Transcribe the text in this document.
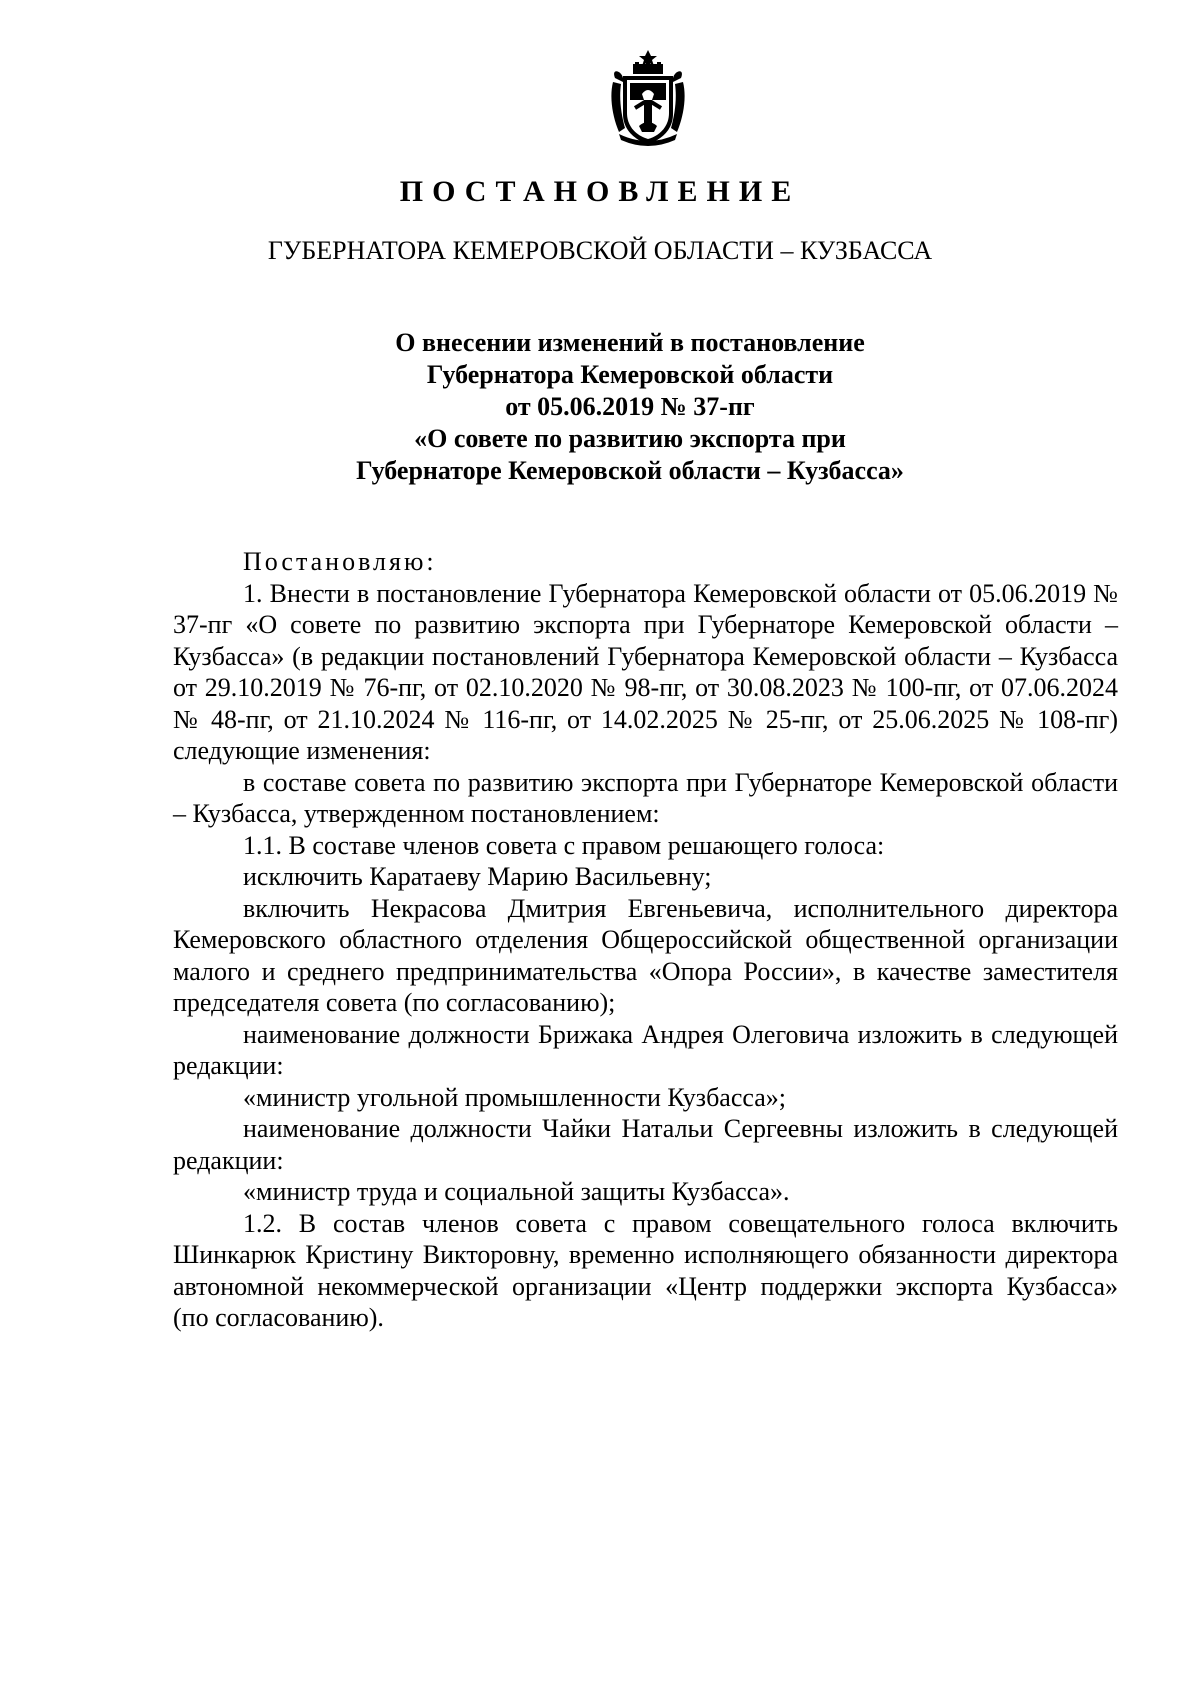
ПОСТАНОВЛЕНИЕ
ГУБЕРНАТОРА КЕМЕРОВСКОЙ ОБЛАСТИ – КУЗБАССА
О внесении изменений в постановление
Губернатора Кемеровской области
от 05.06.2019 № 37-пг
«О совете по развитию экспорта при
Губернаторе Кемеровской области – Кузбасса»

Постановляю:

1. Внести в постановление Губернатора Кемеровской области от 05.06.2019 № 37-пг «О совете по развитию экспорта при Губернаторе Кемеровской области – Кузбасса» (в редакции постановлений Губернатора Кемеровской области – Кузбасса от 29.10.2019 № 76-пг, от 02.10.2020 № 98-пг, от 30.08.2023 № 100-пг, от 07.06.2024 № 48-пг, от 21.10.2024 № 116-пг, от 14.02.2025 № 25-пг, от 25.06.2025 № 108-пг) следующие изменения:

в составе совета по развитию экспорта при Губернаторе Кемеровской области – Кузбасса, утвержденном постановлением:

1.1. В составе членов совета с правом решающего голоса:

исключить Каратаеву Марию Васильевну;

включить Некрасова Дмитрия Евгеньевича, исполнительного директора Кемеровского областного отделения Общероссийской общественной организации малого и среднего предпринимательства «Опора России», в качестве заместителя председателя совета (по согласованию);

наименование должности Брижака Андрея Олеговича изложить в следующей редакции:

«министр угольной промышленности Кузбасса»;

наименование должности Чайки Натальи Сергеевны изложить в следующей редакции:

«министр труда и социальной защиты Кузбасса».

1.2. В состав членов совета с правом совещательного голоса включить Шинкарюк Кристину Викторовну, временно исполняющего обязанности директора автономной некоммерческой организации «Центр поддержки экспорта Кузбасса» (по согласованию).
